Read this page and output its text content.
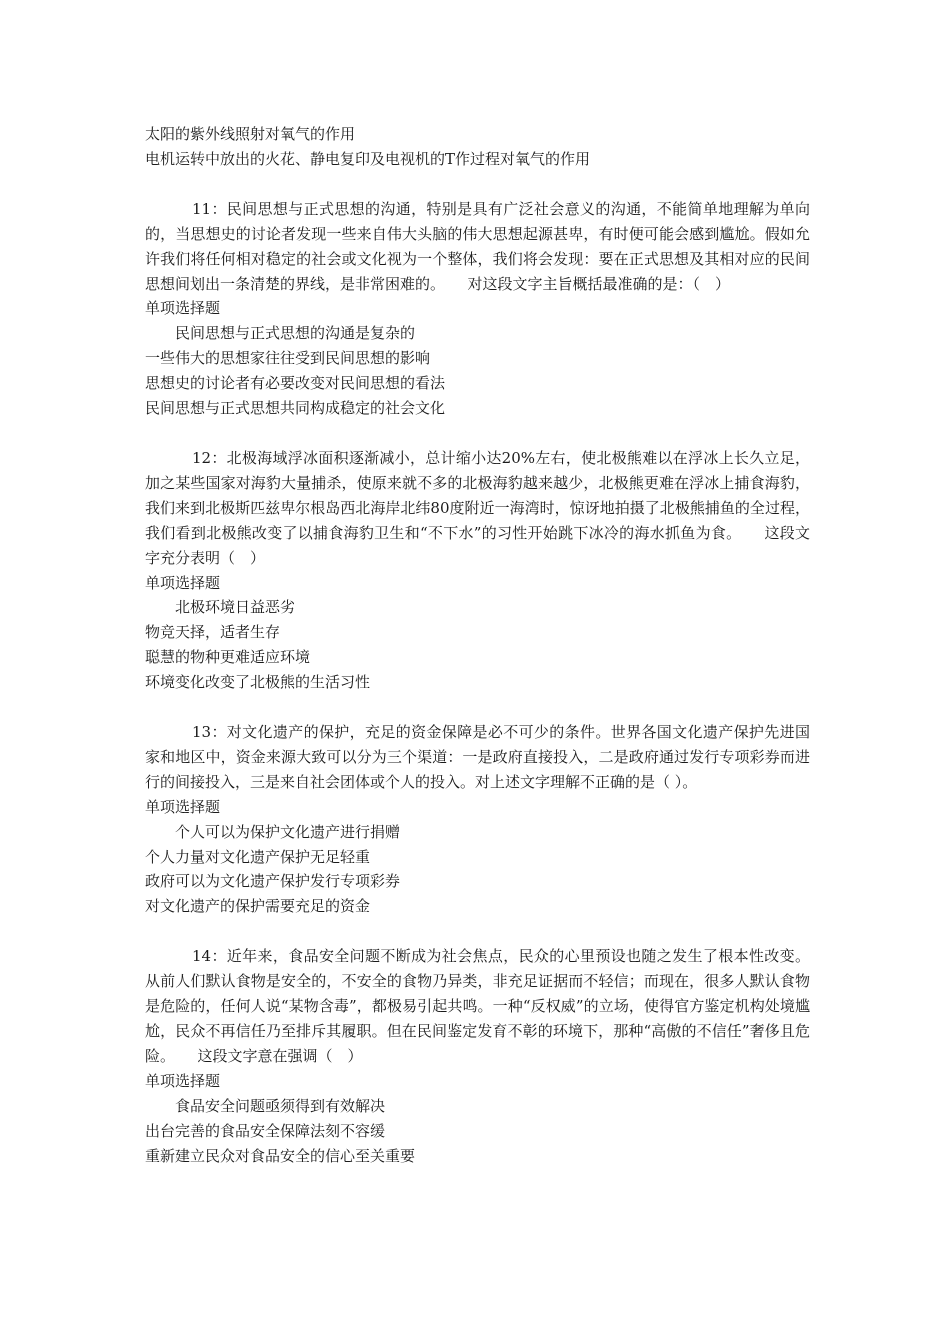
太阳的紫外线照射对氧气的作用
电机运转中放出的火花、静电复印及电视机的T作过程对氧气的作用
11：民间思想与正式思想的沟通，特别是具有广泛社会意义的沟通，不能简单地理解为单向的，当思想史的讨论者发现一些来自伟大头脑的伟大思想起源甚卑，有时便可能会感到尴尬。假如允许我们将任何相对稳定的社会或文化视为一个整体，我们将会发现：要在正式思想及其相对应的民间思想间划出一条清楚的界线，是非常困难的。　　对这段文字主旨概括最准确的是：（　）
单项选择题
民间思想与正式思想的沟通是复杂的
一些伟大的思想家往往受到民间思想的影响
思想史的讨论者有必要改变对民间思想的看法
民间思想与正式思想共同构成稳定的社会文化
12：北极海域浮冰面积逐渐减小，总计缩小达20%左右，使北极熊难以在浮冰上长久立足，加之某些国家对海豹大量捕杀，使原来就不多的北极海豹越来越少，北极熊更难在浮冰上捕食海豹，我们来到北极斯匹兹卑尔根岛西北海岸北纬80度附近一海湾时，惊讶地拍摄了北极熊捕鱼的全过程，我们看到北极熊改变了以捕食海豹卫生和“不下水”的习性开始跳下冰冷的海水抓鱼为食。　　这段文字充分表明（　）
单项选择题
北极环境日益恶劣
物竞天择，适者生存
聪慧的物种更难适应环境
环境变化改变了北极熊的生活习性
13：对文化遗产的保护，充足的资金保障是必不可少的条件。世界各国文化遗产保护先进国家和地区中，资金来源大致可以分为三个渠道：一是政府直接投入，二是政府通过发行专项彩券而进行的间接投入，三是来自社会团体或个人的投入。对上述文字理解不正确的是（ ）。
单项选择题
个人可以为保护文化遗产进行捐赠
个人力量对文化遗产保护无足轻重
政府可以为文化遗产保护发行专项彩券
对文化遗产的保护需要充足的资金
14：近年来，食品安全问题不断成为社会焦点，民众的心里预设也随之发生了根本性改变。从前人们默认食物是安全的，不安全的食物乃异类，非充足证据而不轻信；而现在，很多人默认食物是危险的，任何人说“某物含毒”，都极易引起共鸣。一种“反权威”的立场，使得官方鉴定机构处境尴尬，民众不再信任乃至排斥其履职。但在民间鉴定发育不彰的环境下，那种“高傲的不信任”奢侈且危险。　　这段文字意在强调（　）
单项选择题
食品安全问题亟须得到有效解决
出台完善的食品安全保障法刻不容缓
重新建立民众对食品安全的信心至关重要
